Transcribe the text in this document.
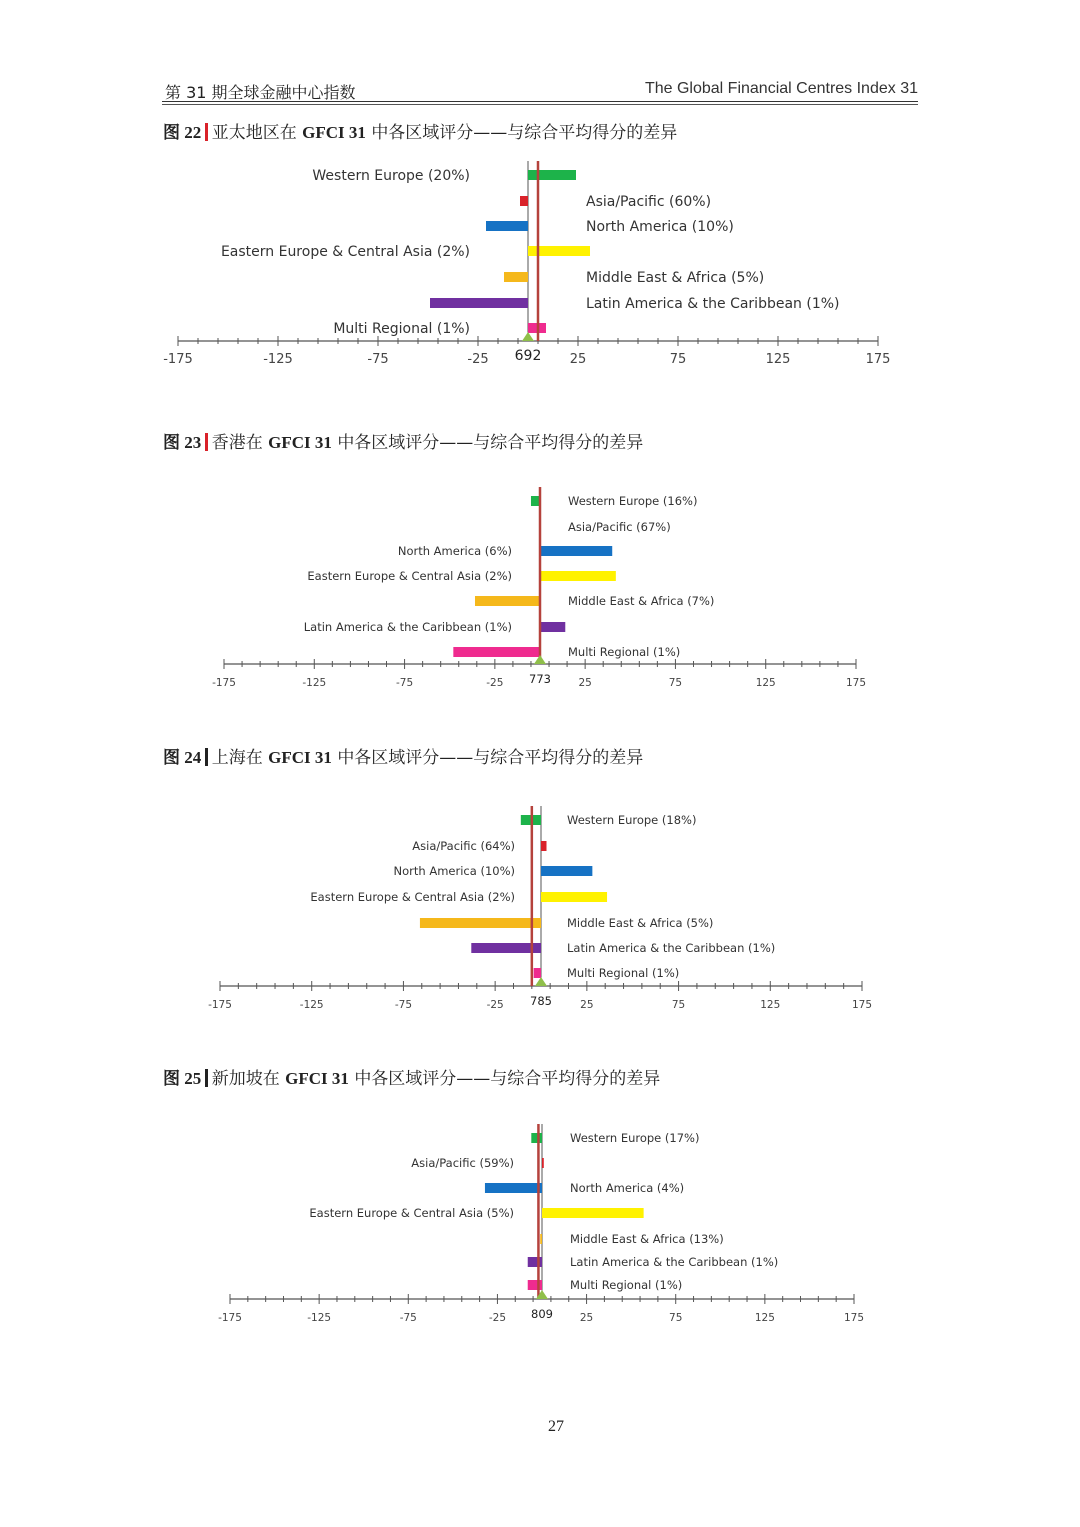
第 31 期全球金融中心指数	The Global Financial Centres Index 31
图 22 亚太地区在 GFCI 31 中各区域评分——与综合平均得分的差异
-175	-125	-75	-25	25	75	125	175
Western Europe (20%)
Asia/Pacific (60%)
North America (10%)
Eastern Europe & Central Asia (2%)
Middle East & Africa (5%)
Latin America & the Caribbean (1%)
Multi Regional (1%)
692
图 23 香港在 GFCI 31 中各区域评分——与综合平均得分的差异
-175	-125	-75	-25	25	75	125	175
Western Europe (16%)
Asia/Pacific (67%)
North America (6%)
Eastern Europe & Central Asia (2%)
Middle East & Africa (7%)
Latin America & the Caribbean (1%)
Multi Regional (1%)
773
图 24 上海在 GFCI 31 中各区域评分——与综合平均得分的差异
-175	-125	-75	-25	25	75	125	175
Western Europe (18%)
Asia/Pacific (64%)
North America (10%)
Eastern Europe & Central Asia (2%)
Middle East & Africa (5%)
Latin America & the Caribbean (1%)
Multi Regional (1%)
785
图 25 新加坡在 GFCI 31 中各区域评分——与综合平均得分的差异
-175	-125	-75	-25	25	75	125	175
Western Europe (17%)
Asia/Pacific (59%)
North America (4%)
Eastern Europe & Central Asia (5%)
Middle East & Africa (13%)
Latin America & the Caribbean (1%)
Multi Regional (1%)
809
27
